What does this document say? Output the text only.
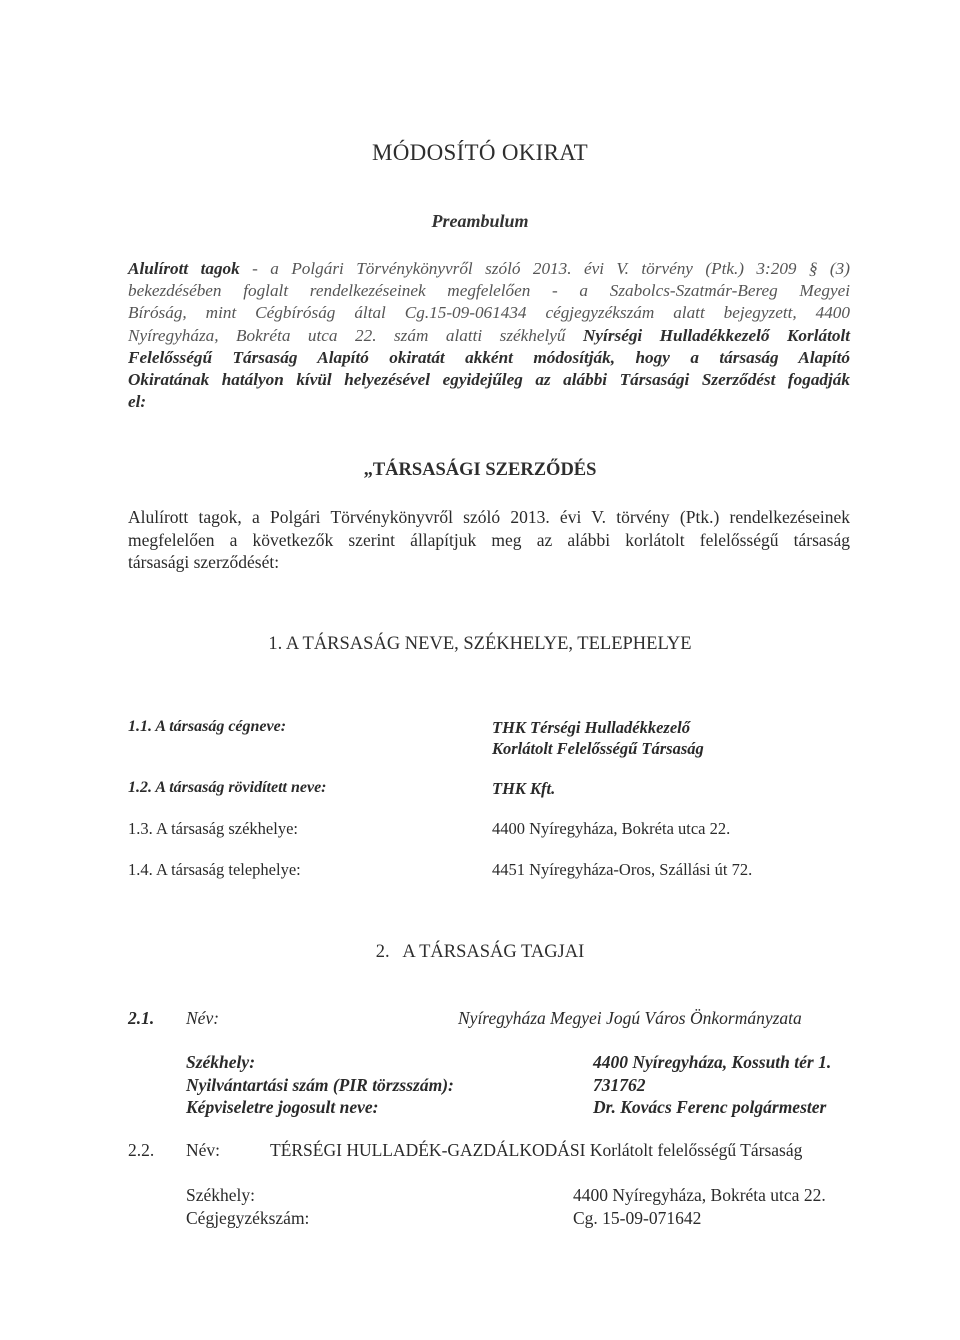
MÓDOSÍTÓ OKIRAT
Preambulum
Alulírott tagok - a Polgári Törvénykönyvről szóló 2013. évi V. törvény (Ptk.) 3:209 § (3)
bekezdésében foglalt rendelkezéseinek megfelelően - a Szabolcs-Szatmár-Bereg Megyei
Bíróság, mint Cégbíróság által Cg.15-09-061434 cégjegyzékszám alatt bejegyzett, 4400
Nyíregyháza, Bokréta utca 22. szám alatti székhelyű Nyírségi Hulladékkezelő Korlátolt
Felelősségű Társaság Alapító okiratát akként módosítják, hogy a társaság Alapító
Okiratának hatályon kívül helyezésével egyidejűleg az alábbi Társasági Szerződést fogadják
el:
„TÁRSASÁGI SZERZŐDÉS
Alulírott tagok, a Polgári Törvénykönyvről szóló 2013. évi V. törvény (Ptk.) rendelkezéseinek
megfelelően a következők szerint állapítjuk meg az alábbi korlátolt felelősségű társaság
társasági szerződését:
1. A TÁRSASÁG NEVE, SZÉKHELYE, TELEPHELYE
1.1. A társaság cégneve:	THK Térségi Hulladékkezelő
Korlátolt Felelősségű Társaság
1.2. A társaság rövidített neve:	THK Kft.
1.3. A társaság székhelye:	4400 Nyíregyháza, Bokréta utca 22.
1.4. A társaság telephelye:	4451 Nyíregyháza-Oros, Szállási út 72.
2.   A TÁRSASÁG TAGJAI
2.1. Név:	Nyíregyháza Megyei Jogú Város Önkormányzata
Székhely:	4400 Nyíregyháza, Kossuth tér 1.
Nyilvántartási szám (PIR törzsszám):	731762
Képviseletre jogosult neve:	Dr. Kovács Ferenc polgármester
2.2. Név:	TÉRSÉGI HULLADÉK-GAZDÁLKODÁSI Korlátolt felelősségű Társaság
Székhely:	4400 Nyíregyháza, Bokréta utca 22.
Cégjegyzékszám:	Cg. 15-09-071642
